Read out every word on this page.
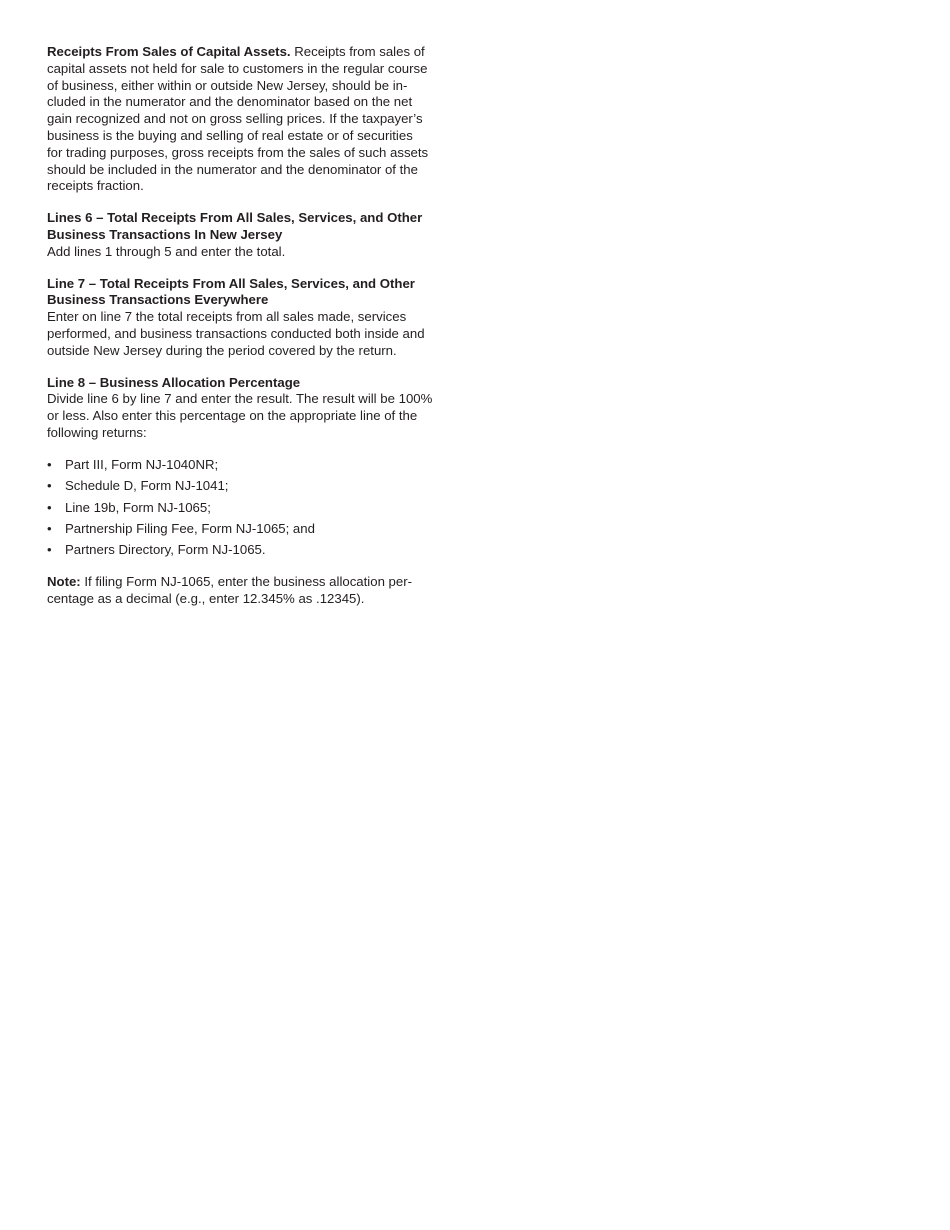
Receipts From Sales of Capital Assets. Receipts from sales of

capital assets not held for sale to customers in the regular course

of business, either within or outside New Jersey, should be in-

cluded in the numerator and the denominator based on the net

gain recognized and not on gross selling prices. If the taxpayer’s

business is the buying and selling of real estate or of securities

for trading purposes, gross receipts from the sales of such assets

should be included in the numerator and the denominator of the

receipts fraction.

Lines 6 – Total Receipts From All Sales, Services, and Other

Business Transactions In New Jersey

Add lines 1 through 5 and enter the total.

Line 7 – Total Receipts From All Sales, Services, and Other

Business Transactions Everywhere

Enter on line 7 the total receipts from all sales made, services

performed, and business transactions conducted both inside and

outside New Jersey during the period covered by the return.

Line 8 – Business Allocation Percentage

Divide line 6 by line 7 and enter the result. The result will be 100%

or less. Also enter this percentage on the appropriate line of the

following returns:

• Part III, Form NJ-1040NR;
• Schedule D, Form NJ-1041;
• Line 19b, Form NJ-1065;
• Partnership Filing Fee, Form NJ-1065; and
• Partners Directory, Form NJ-1065.

Note: If filing Form NJ-1065, enter the business allocation per-

centage as a decimal (e.g., enter 12.345% as .12345).
